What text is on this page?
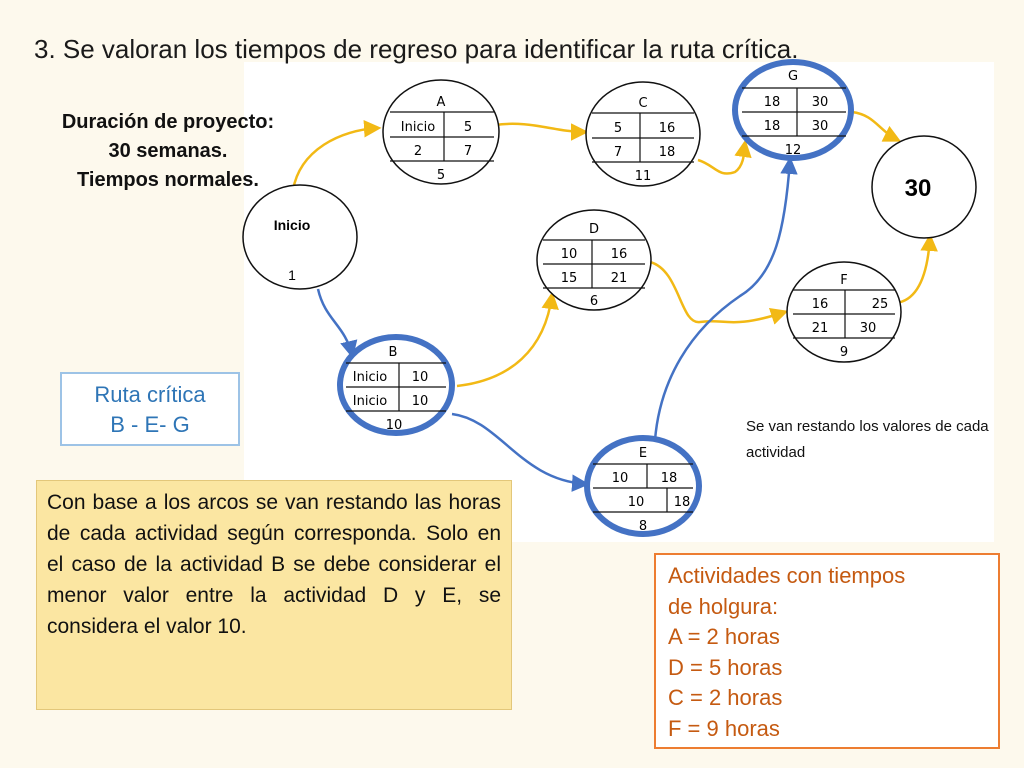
3. Se valoran los tiempos de regreso para identificar la ruta crítica.
Duración de proyecto:
30 semanas.
Tiempos normales.
Inicio
1
A
Inicio 5
2	7
5
C
5	16
7	18
11
G
18 30
18 30
12
30
D
10	16
15	21
6
F
16	25
21 30
9
B
Inicio 10
Inicio 10
10
E
10 18
10 18
8
Se van restando los valores de cada actividad
Ruta crítica
B - E- G
Con base a los arcos se van restando las horas de cada actividad según corresponda. Solo en el caso de la actividad B se debe considerar el menor valor entre la actividad D y E, se considera el valor 10.
Actividades con tiempos
de holgura:
A = 2 horas
D = 5 horas
C = 2 horas
F = 9 horas
